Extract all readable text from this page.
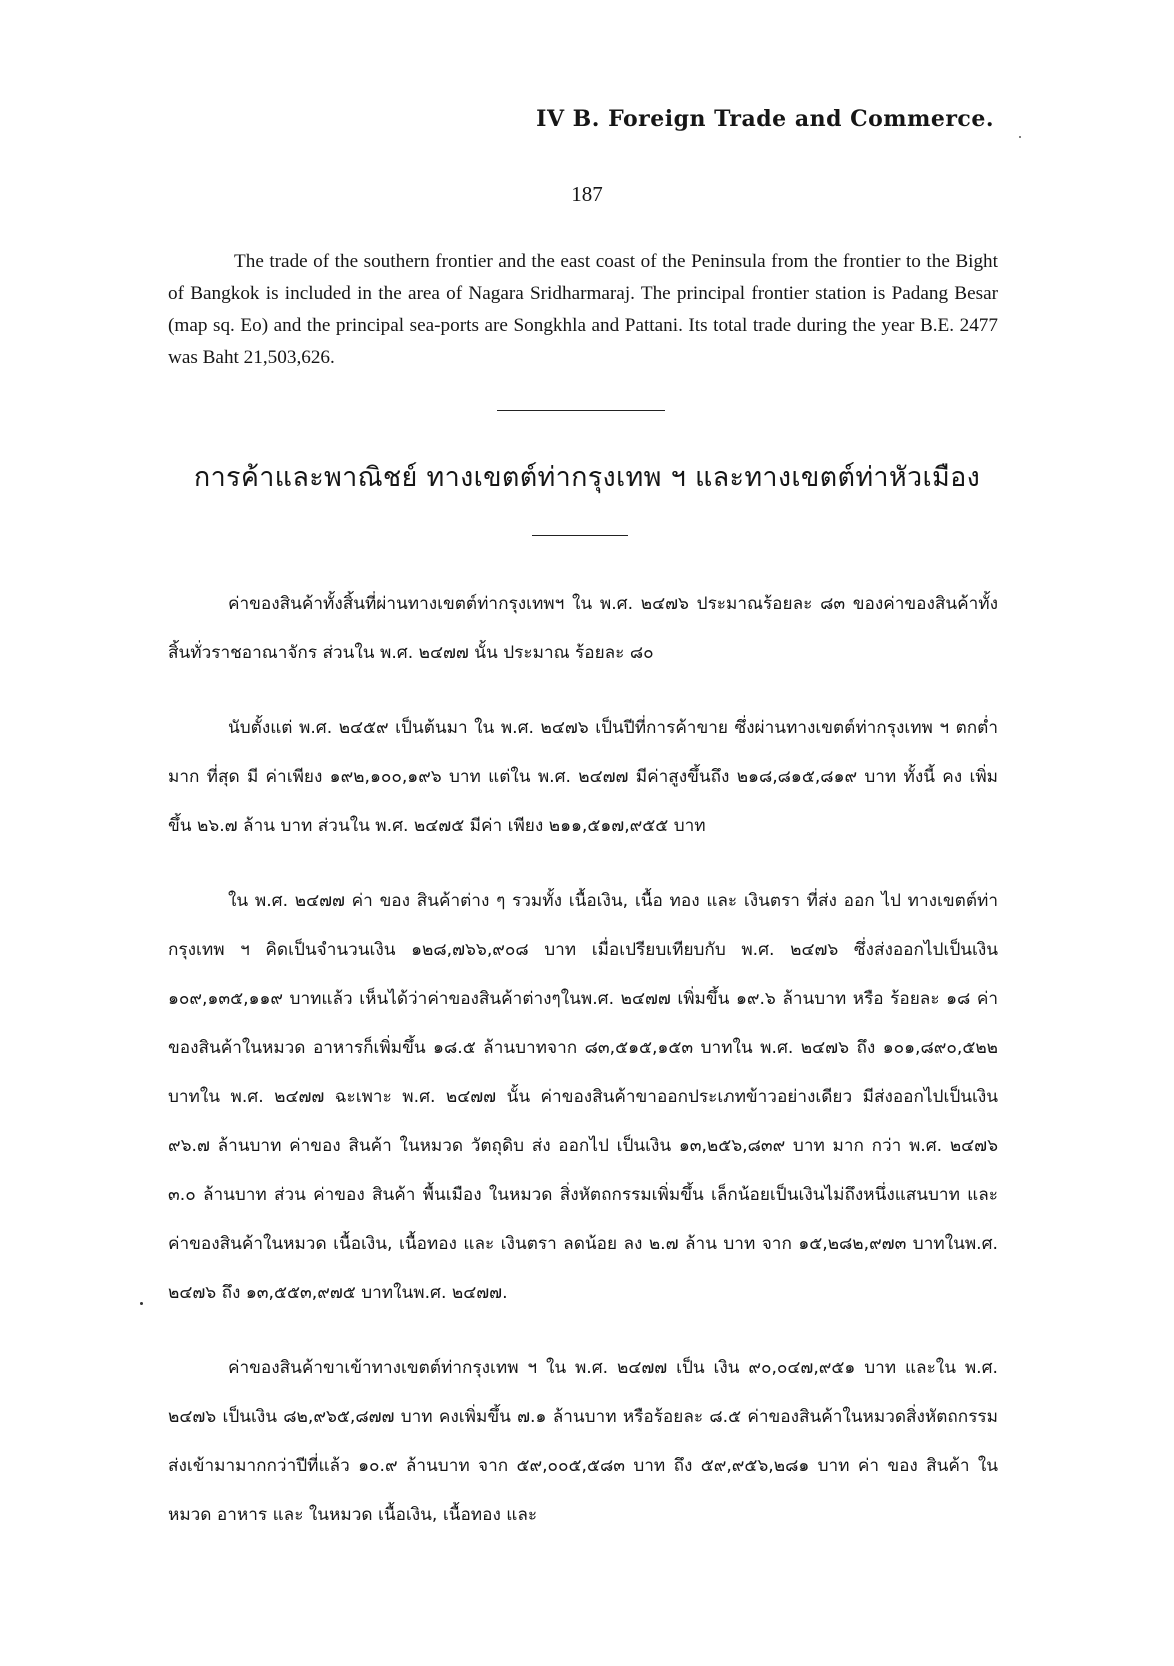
IV B. Foreign Trade and Commerce.
187

The trade of the southern frontier and the east coast of the Peninsula from the frontier to the Bight of Bangkok is included in the area of Nagara Sridharmaraj. The principal frontier station is Padang Besar (map sq. Eo) and the principal sea-ports are Songkhla and Pattani. Its total trade during the year B.E. 2477 was Baht 21,503,626.

การค้าและพาณิชย์ ทางเขตต์ท่ากรุงเทพ ฯ และทางเขตต์ท่าหัวเมือง

ค่าของสินค้าทั้งสิ้นที่ผ่านทางเขตต์ท่ากรุงเทพฯ ใน พ.ศ. ๒๔๗๖ ประมาณร้อยละ ๘๓ ของค่าของสินค้าทั้งสิ้นทั่วราชอาณาจักร ส่วนใน พ.ศ. ๒๔๗๗ นั้น ประมาณ ร้อยละ ๘๐

นับตั้งแต่ พ.ศ. ๒๔๕๙ เป็นต้นมา ใน พ.ศ. ๒๔๗๖ เป็นปีที่การค้าขาย ซึ่งผ่านทางเขตต์ท่ากรุงเทพ ฯ ตกต่ำ มาก ที่สุด มี ค่าเพียง ๑๙๒,๑๐๐,๑๙๖ บาท แต่ใน พ.ศ. ๒๔๗๗ มีค่าสูงขึ้นถึง ๒๑๘,๘๑๕,๘๑๙ บาท ทั้งนี้ คง เพิ่ม ขึ้น ๒๖.๗ ล้าน บาท ส่วนใน พ.ศ. ๒๔๗๕ มีค่า เพียง ๒๑๑,๕๑๗,๙๕๕ บาท

ใน พ.ศ. ๒๔๗๗ ค่า ของ สินค้าต่าง ๆ รวมทั้ง เนื้อเงิน, เนื้อ ทอง และ เงินตรา ที่ส่ง ออก ไป ทางเขตต์ท่ากรุงเทพ ฯ คิดเป็นจำนวนเงิน ๑๒๘,๗๖๖,๙๐๘ บาท เมื่อเปรียบเทียบกับ พ.ศ. ๒๔๗๖ ซึ่งส่งออกไปเป็นเงิน ๑๐๙,๑๓๕,๑๑๙ บาทแล้ว เห็นได้ว่าค่าของสินค้าต่างๆในพ.ศ. ๒๔๗๗ เพิ่มขึ้น ๑๙.๖ ล้านบาท หรือ ร้อยละ ๑๘ ค่า ของสินค้าในหมวด อาหารก็เพิ่มขึ้น ๑๘.๕ ล้านบาทจาก ๘๓,๕๑๕,๑๕๓ บาทใน พ.ศ. ๒๔๗๖ ถึง ๑๐๑,๘๙๐,๕๒๒ บาทใน พ.ศ. ๒๔๗๗ ฉะเพาะ พ.ศ. ๒๔๗๗ นั้น ค่าของสินค้าขาออกประเภทข้าวอย่างเดียว มีส่งออกไปเป็นเงิน ๙๖.๗ ล้านบาท ค่าของ สินค้า ในหมวด วัตถุดิบ ส่ง ออกไป เป็นเงิน ๑๓,๒๕๖,๘๓๙ บาท มาก กว่า พ.ศ. ๒๔๗๖ ๓.๐ ล้านบาท ส่วน ค่าของ สินค้า พื้นเมือง ในหมวด สิ่งหัตถกรรมเพิ่มขึ้น เล็กน้อยเป็นเงินไม่ถึงหนึ่งแสนบาท และค่าของสินค้าในหมวด เนื้อเงิน, เนื้อทอง และ เงินตรา ลดน้อย ลง ๒.๗ ล้าน บาท จาก ๑๕,๒๘๒,๙๗๓ บาทในพ.ศ. ๒๔๗๖ ถึง ๑๓,๕๕๓,๙๗๕ บาทในพ.ศ. ๒๔๗๗.

ค่าของสินค้าขาเข้าทางเขตต์ท่ากรุงเทพ ฯ ใน พ.ศ. ๒๔๗๗ เป็น เงิน ๙๐,๐๔๗,๙๕๑ บาท และใน พ.ศ. ๒๔๗๖ เป็นเงิน ๘๒,๙๖๕,๘๗๗ บาท คงเพิ่มขึ้น ๗.๑ ล้านบาท หรือร้อยละ ๘.๕ ค่าของสินค้าในหมวดสิ่งหัตถกรรม ส่งเข้ามามากกว่าปีที่แล้ว ๑๐.๙ ล้านบาท จาก ๕๙,๐๐๕,๕๘๓ บาท ถึง ๕๙,๙๕๖,๒๘๑ บาท ค่า ของ สินค้า ในหมวด อาหาร และ ในหมวด เนื้อเงิน, เนื้อทอง และ
